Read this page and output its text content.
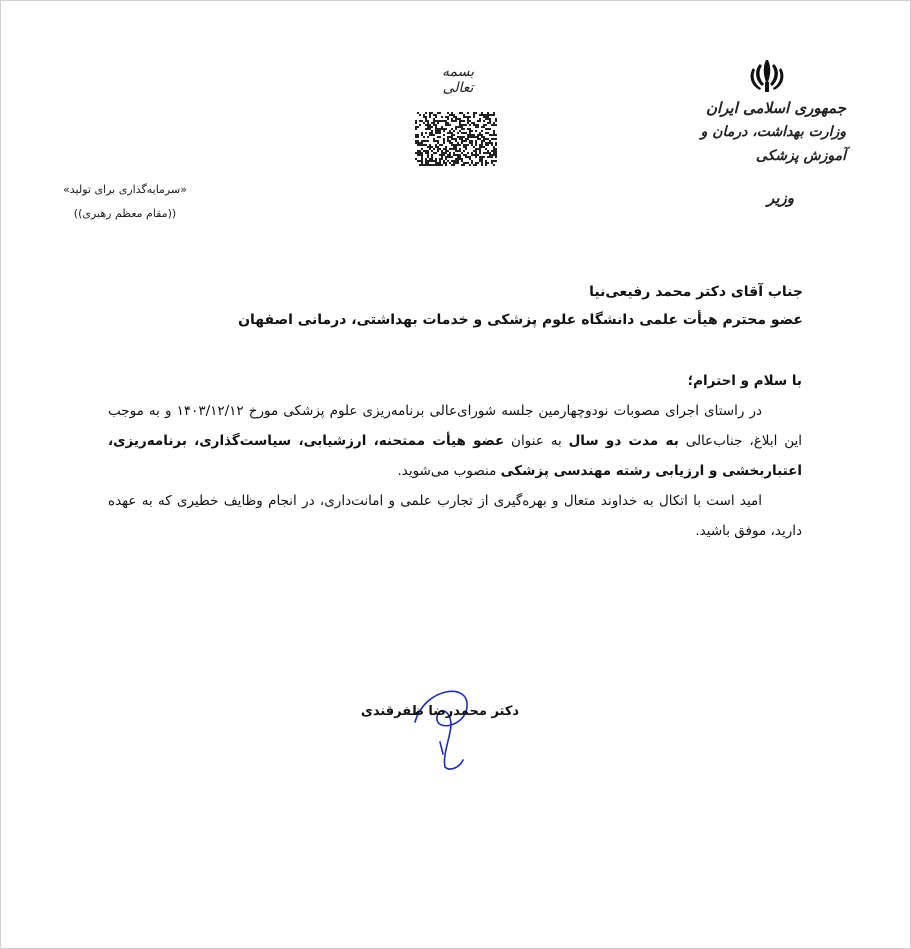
بسمه تعالی
جمهوری اسلامی ایران
وزارت بهداشت، درمان و آموزش پزشکی
وزیر
«سرمایه‌گذاری برای تولید»
((مقام معظم رهبری))
جناب آقای دکتر محمد رفیعی‌نیا
عضو محترم هیأت علمی دانشگاه علوم پزشکی و خدمات بهداشتی، درمانی اصفهان

با سلام و احترام؛

در راستای اجرای مصوبات نودوچهارمین جلسه شورای‌عالی برنامه‌ریزی علوم پزشکی مورخ ۱۴۰۳/۱۲/۱۲ و به موجب این ابلاغ، جناب‌عالی به مدت دو سال به عنوان عضو هیأت ممتحنه، ارزشیابی، سیاست‌گذاری، برنامه‌ریزی، اعتباربخشی و ارزیابی رشته مهندسی پزشکی منصوب می‌شوید.

امید است با اتکال به خداوند متعال و بهره‌گیری از تجارب علمی و امانت‌داری، در انجام وظایف خطیری که به عهده دارید، موفق باشید.

دکتر محمدرضا ظفرقندی
